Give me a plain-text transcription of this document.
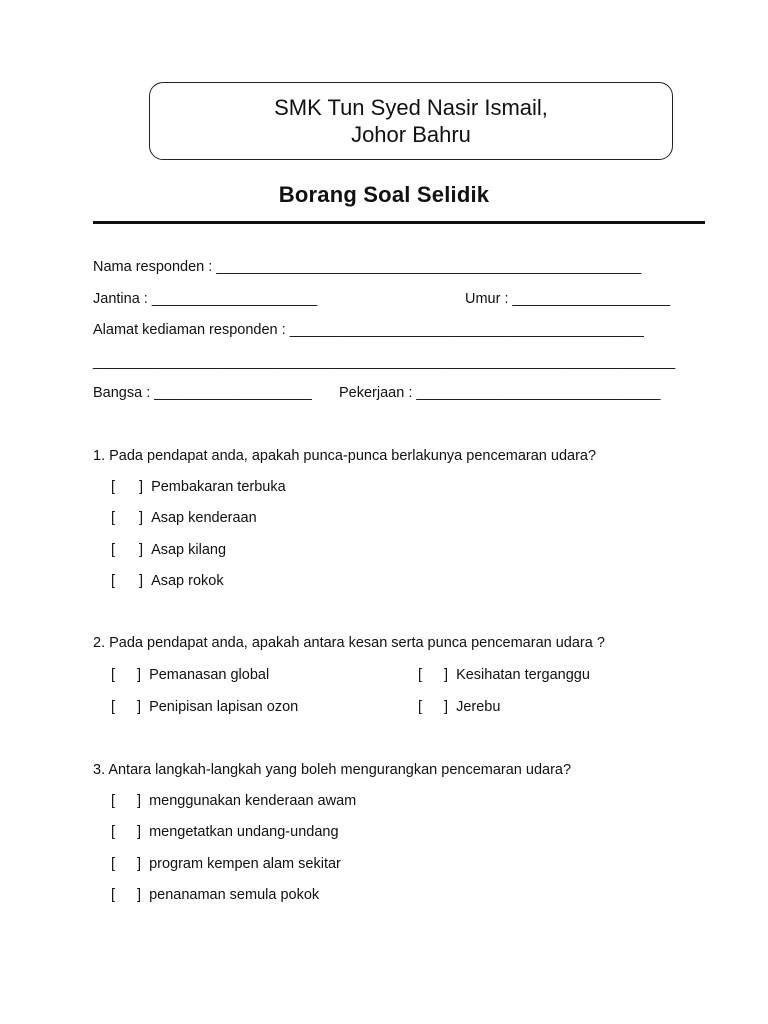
SMK Tun Syed Nasir Ismail,
Johor Bahru
Borang Soal Selidik
Nama responden : ______________________________________________________
Jantina : _____________________	Umur : ____________________
Alamat kediaman responden : _____________________________________________
__________________________________________________________________________
Bangsa : ____________________ Pekerjaan : _______________________________
1. Pada pendapat anda, apakah punca-punca berlakunya pencemaran udara?
[ ] Pembakaran terbuka
[ ] Asap kenderaan
[ ] Asap kilang
[ ] Asap rokok
2. Pada pendapat anda, apakah antara kesan serta punca pencemaran udara ?
[ ] Pemanasan global	[ ] Kesihatan terganggu
[ ] Penipisan lapisan ozon	[ ] Jerebu
3. Antara langkah-langkah yang boleh mengurangkan pencemaran udara?
[ ] menggunakan kenderaan awam
[ ] mengetatkan undang-undang
[ ] program kempen alam sekitar
[ ] penanaman semula pokok
